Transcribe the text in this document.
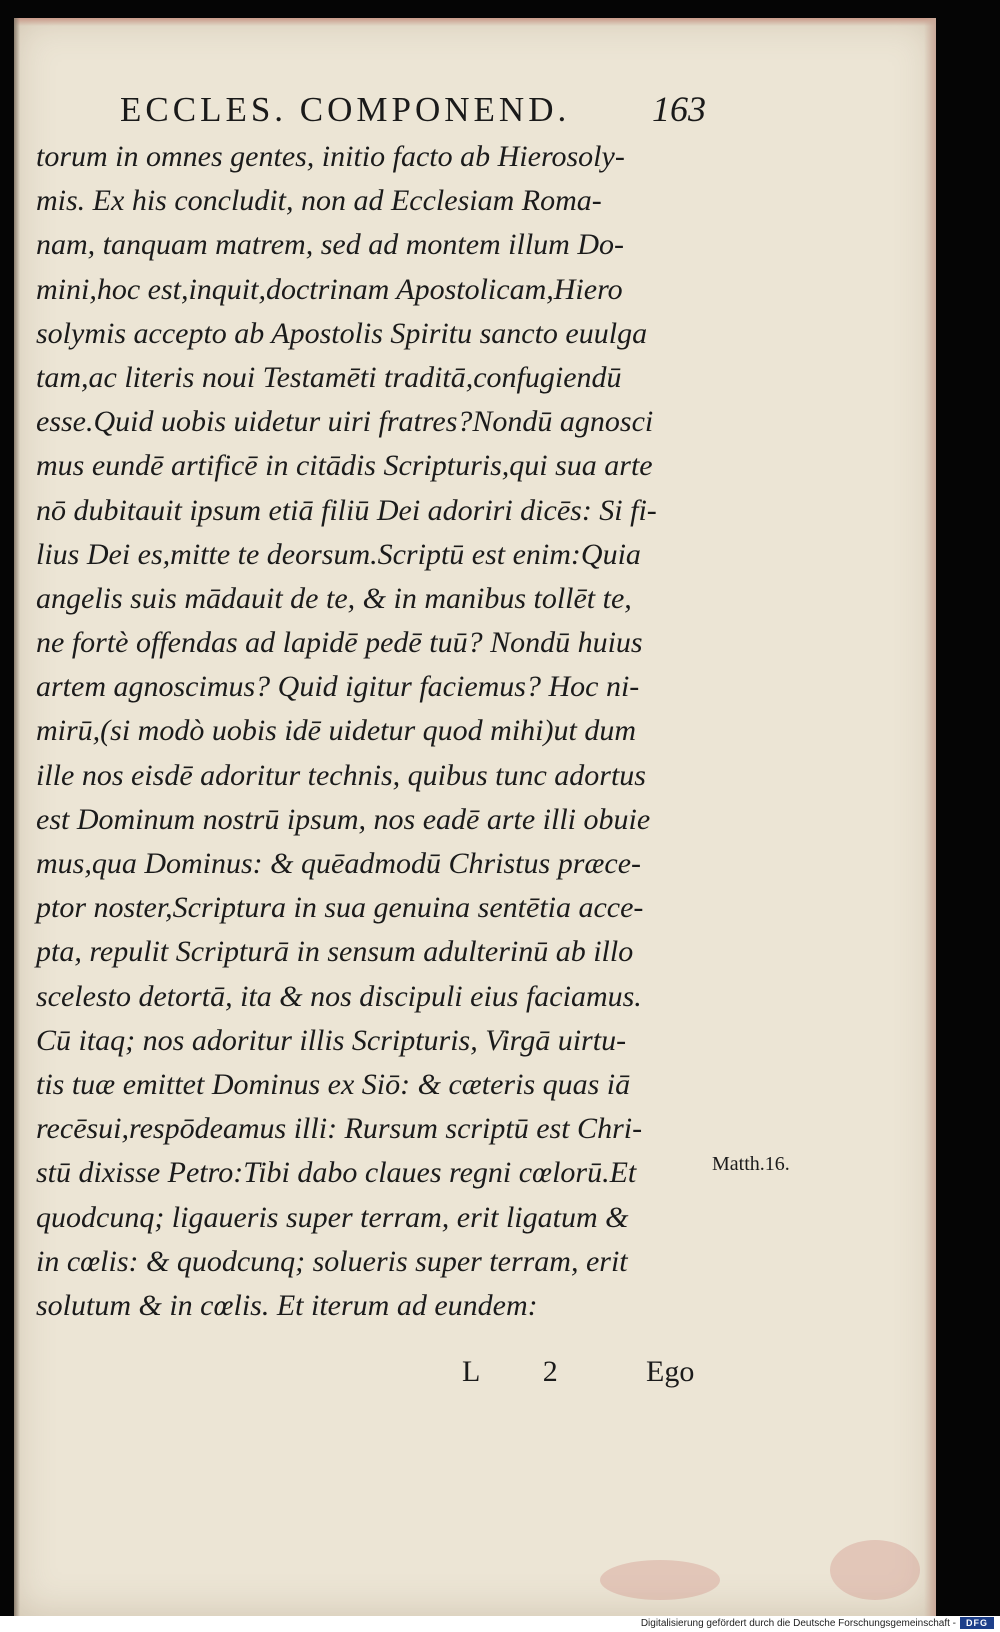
ECCLES. COMPONEND.	163
torum in omnes gentes, initio facto ab Hierosoly-
mis. Ex his concludit, non ad Ecclesiam Roma-
nam, tanquam matrem, sed ad montem illum Do-
mini,hoc est,inquit,doctrinam Apostolicam,Hiero
solymis accepto ab Apostolis Spiritu sancto euulga
tam,ac literis noui Testamēti traditā,confugiendū
esse.Quid uobis uidetur uiri fratres?Nondū agnosci
mus eundē artificē in citādis Scripturis,qui sua arte
nō dubitauit ipsum etiā filiū Dei adoriri dicēs: Si fi-
lius Dei es,mitte te deorsum.Scriptū est enim:Quia
angelis suis mādauit de te, & in manibus tollēt te,
ne fortè offendas ad lapidē pedē tuū? Nondū huius
artem agnoscimus? Quid igitur faciemus? Hoc ni-
mirū,(si modò uobis idē uidetur quod mihi)ut dum
ille nos eisdē adoritur technis, quibus tunc adortus
est Dominum nostrū ipsum, nos eadē arte illi obuie
mus,qua Dominus: & quēadmodū Christus præce-
ptor noster,Scriptura in sua genuina sentētia acce-
pta, repulit Scripturā in sensum adulterinū ab illo
scelesto detortā, ita & nos discipuli eius faciamus.
Cū itaq; nos adoritur illis Scripturis, Virgā uirtu-
tis tuæ emittet Dominus ex Siō: & cæteris quas iā
recēsui,respōdeamus illi: Rursum scriptū est Chri-
stū dixisse Petro:Tibi dabo claues regni cœlorū.Et
quodcunq; ligaueris super terram, erit ligatum &
in cœlis: & quodcunq; solueris super terram, erit
solutum & in cœlis. Et iterum ad eundem:
Matth.16.
L 2 Ego
Digitalisierung gefördert durch die Deutsche Forschungsgemeinschaft -	DFG
